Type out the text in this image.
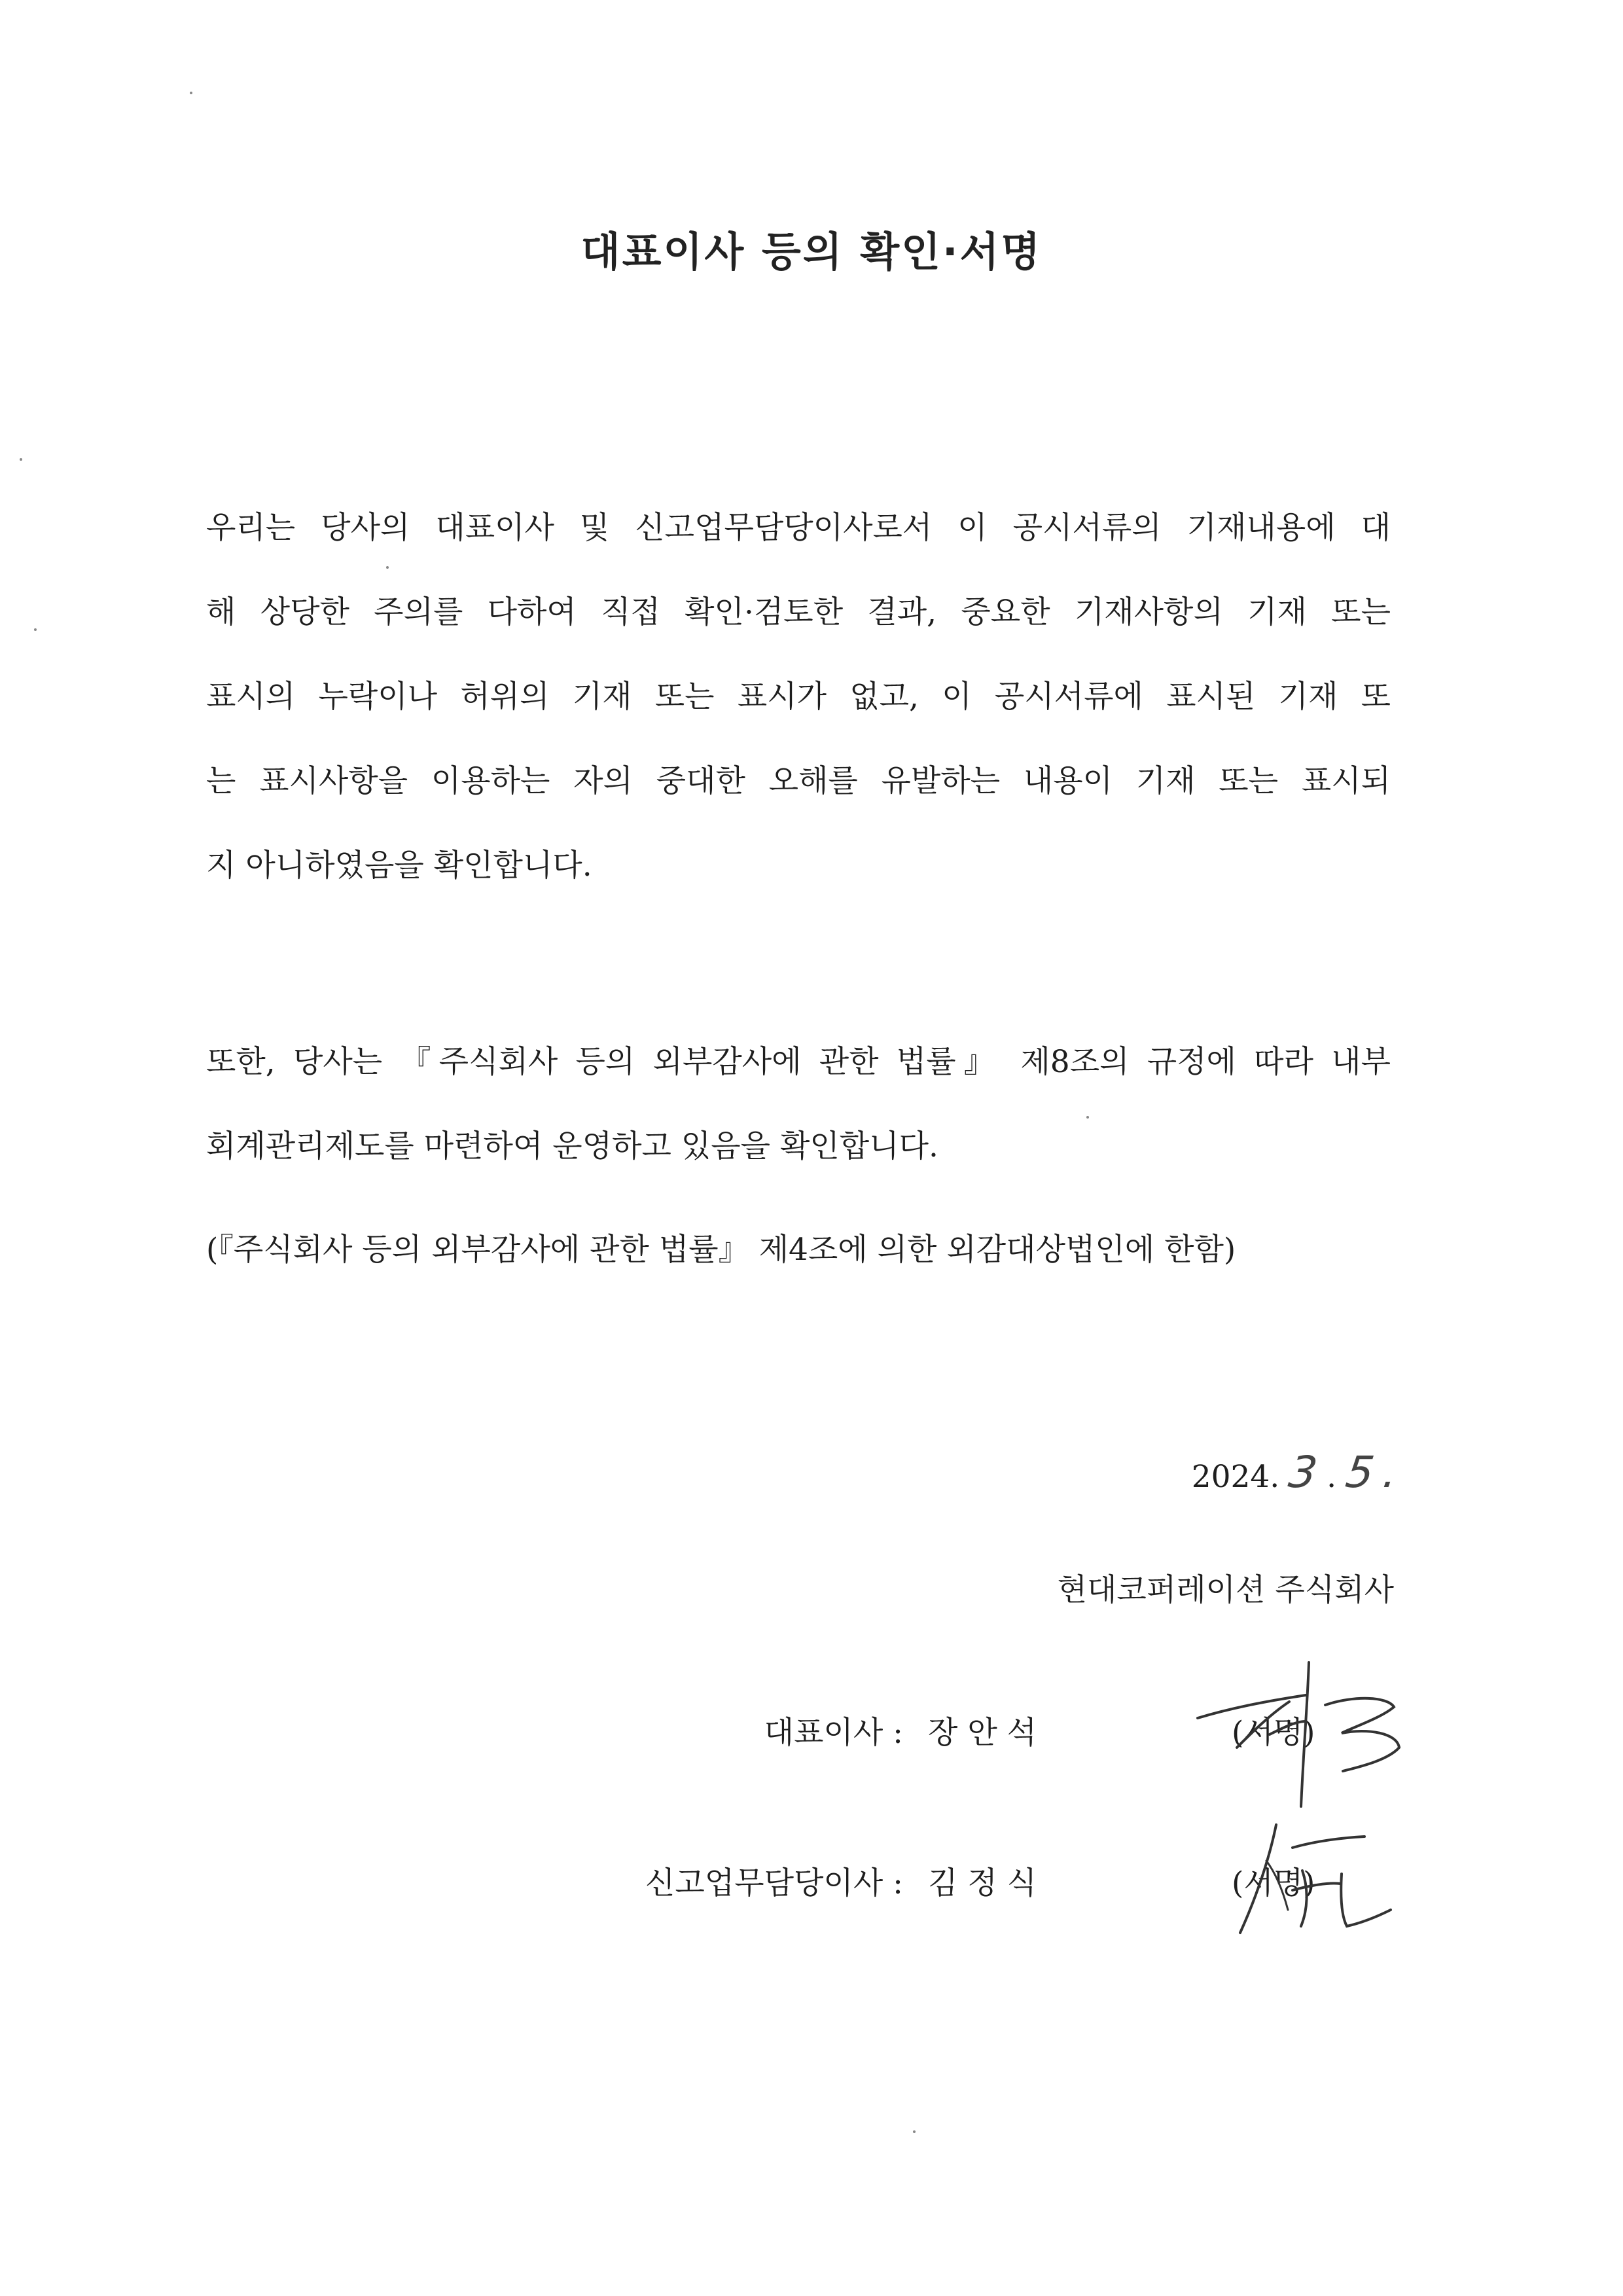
대표이사 등의 확인·서명
우리는 당사의 대표이사 및 신고업무담당이사로서 이 공시서류의 기재내용에 대
해 상당한 주의를 다하여 직접 확인·검토한 결과, 중요한 기재사항의 기재 또는
표시의 누락이나 허위의 기재 또는 표시가 없고, 이 공시서류에 표시된 기재 또
는 표시사항을 이용하는 자의 중대한 오해를 유발하는 내용이 기재 또는 표시되
지 아니하였음을 확인합니다.
또한, 당사는 『주식회사 등의 외부감사에 관한 법률』 제8조의 규정에 따라 내부
회계관리제도를 마련하여 운영하고 있음을 확인합니다.
(『주식회사 등의 외부감사에 관한 법률』 제4조에 의한 외감대상법인에 한함)
2024. 3 . 5 .
현대코퍼레이션 주식회사
대표이사 : 장 안 석	(서명)
신고업무담당이사 : 김 정 식	(서명)
